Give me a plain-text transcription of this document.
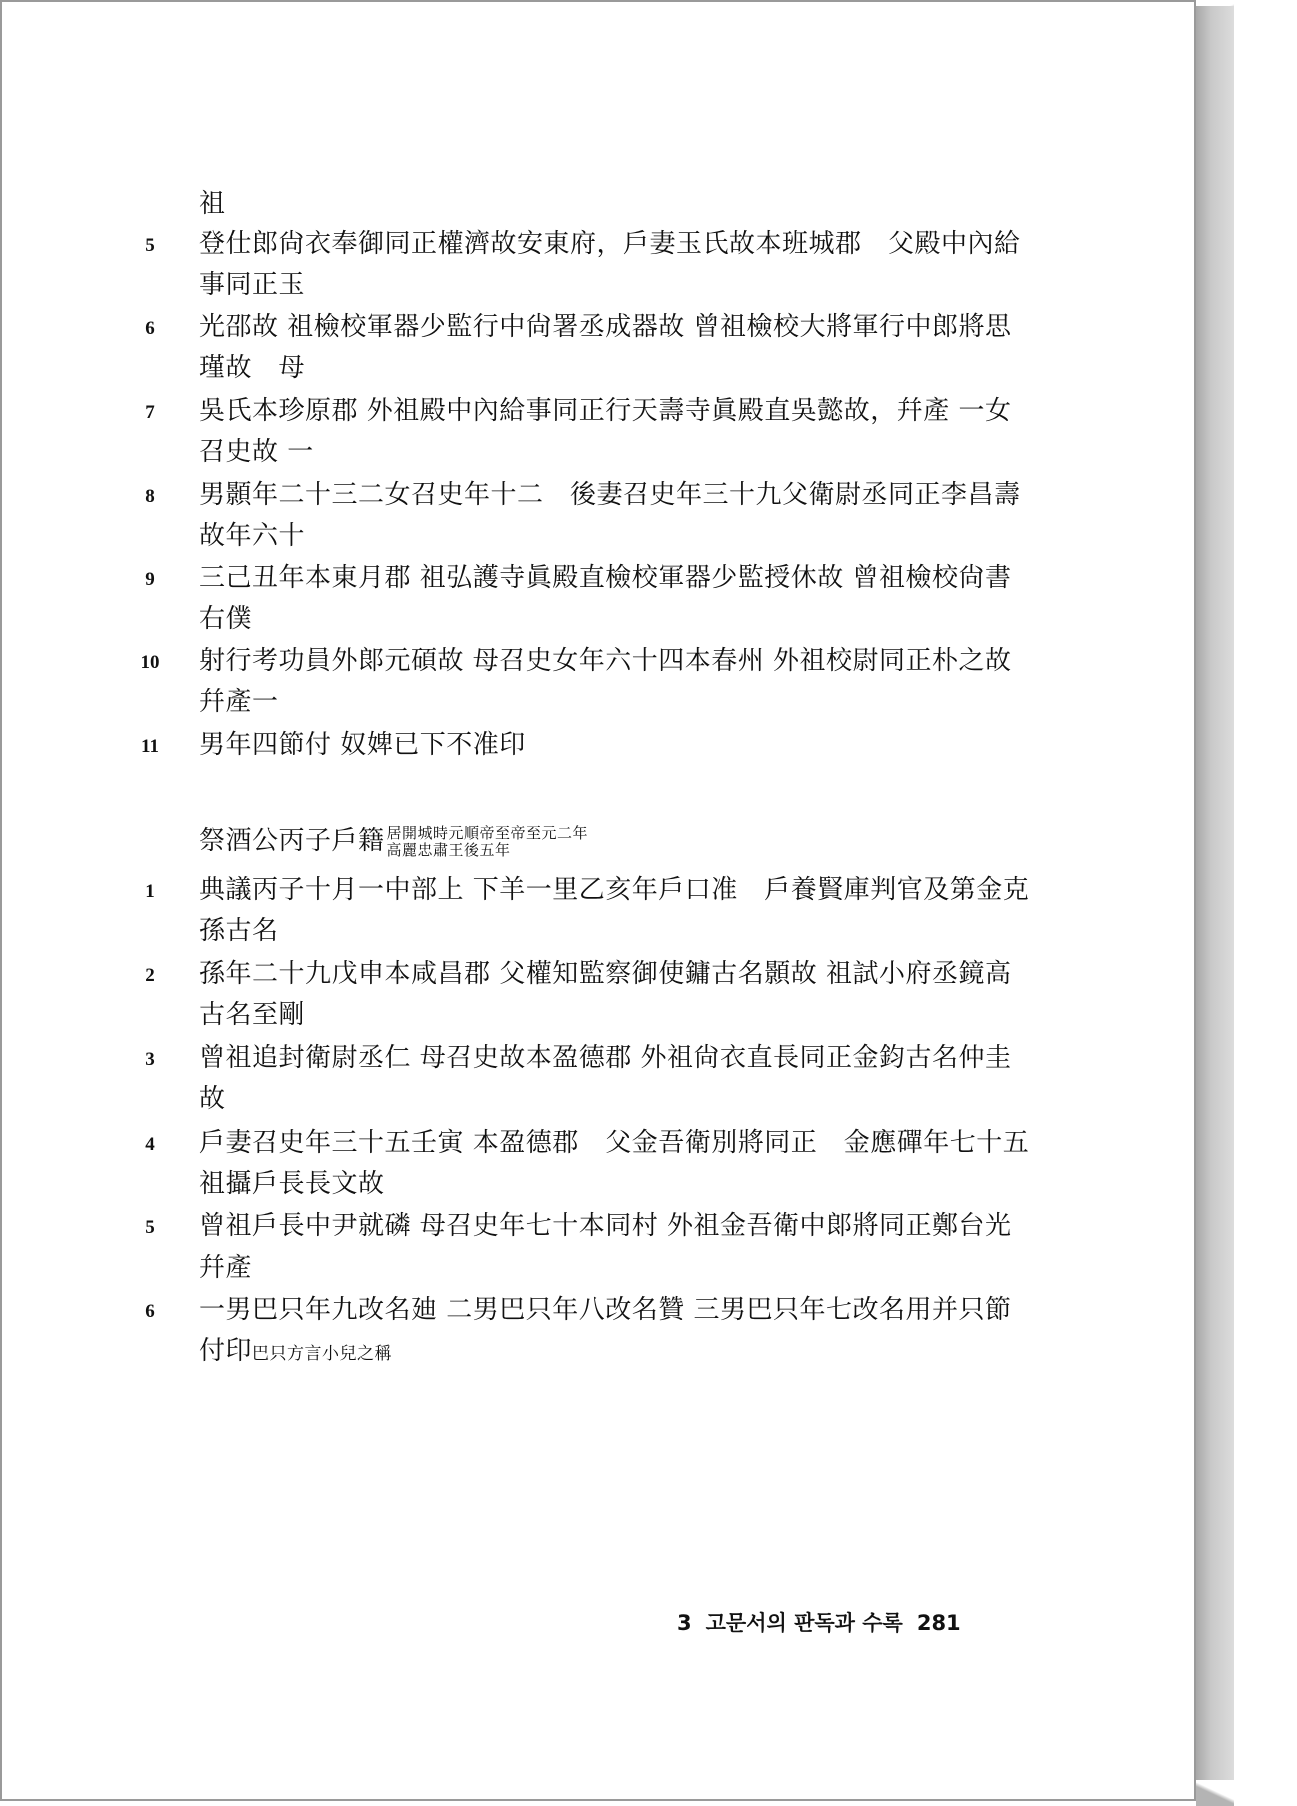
祖
5	登仕郎尙衣奉御同正權濟故安東府，戶妻玉氏故本班城郡　父殿中內給
事同正玉
6	光邵故 祖檢校軍器少監行中尙署丞成器故 曾祖檢校大將軍行中郎將思
瑾故　母
7	吳氏本珍原郡 外祖殿中內給事同正行天壽寺眞殿直吳懿故，幷產 一女
召史故 一
8	男顥年二十三二女召史年十二　後妻召史年三十九父衛尉丞同正李昌壽
故年六十
9	三己丑年本東月郡 祖弘護寺眞殿直檢校軍器少監授休故 曾祖檢校尙書
右僕
10	射行考功員外郞元碩故 母召史女年六十四本春州 外祖校尉同正朴之故
幷產一
11	男年四節付 奴婢已下不准印
祭酒公丙子戶籍 居開城時元順帝至帝至元二年
高麗忠肅王後五年
1	典議丙子十月一中部上 下羊一里乙亥年戶口准　戶養賢庫判官及第金克
孫古名
2	孫年二十九戊申本咸昌郡 父權知監察御使鏞古名顥故 祖試小府丞鏡高
古名至剛
3	曾祖追封衛尉丞仁 母召史故本盈德郡 外祖尙衣直長同正金鈞古名仲圭
故
4	戶妻召史年三十五壬寅 本盈德郡　父金吾衛別將同正　金應磾年七十五
祖攝戶長長文故
5	曾祖戶長中尹就磷 母召史年七十本同村 外祖金吾衛中郞將同正鄭台光
幷產
6	一男巴只年九改名廸 二男巴只年八改名贊 三男巴只年七改名用并只節
付印巴只方言小兒之稱
3 고문서의 판독과 수록 281
